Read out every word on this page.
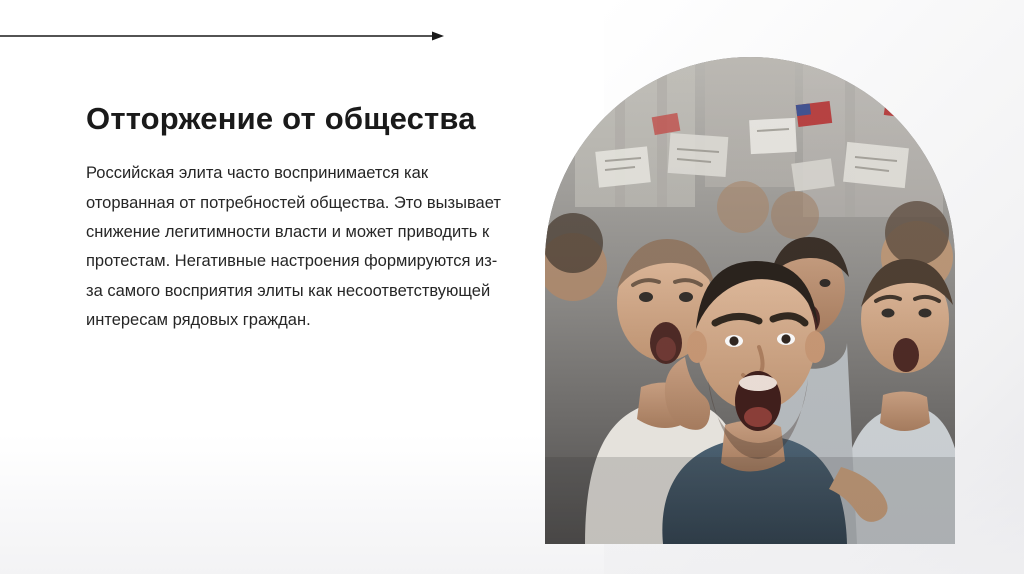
Отторжение от общества

Российская элита часто воспринимается как оторванная от потребностей общества. Это вызывает снижение легитимности власти и может приводить к протестам. Негативные настроения формируются из-за самого восприятия элиты как несоответствующей интересам рядовых граждан.
